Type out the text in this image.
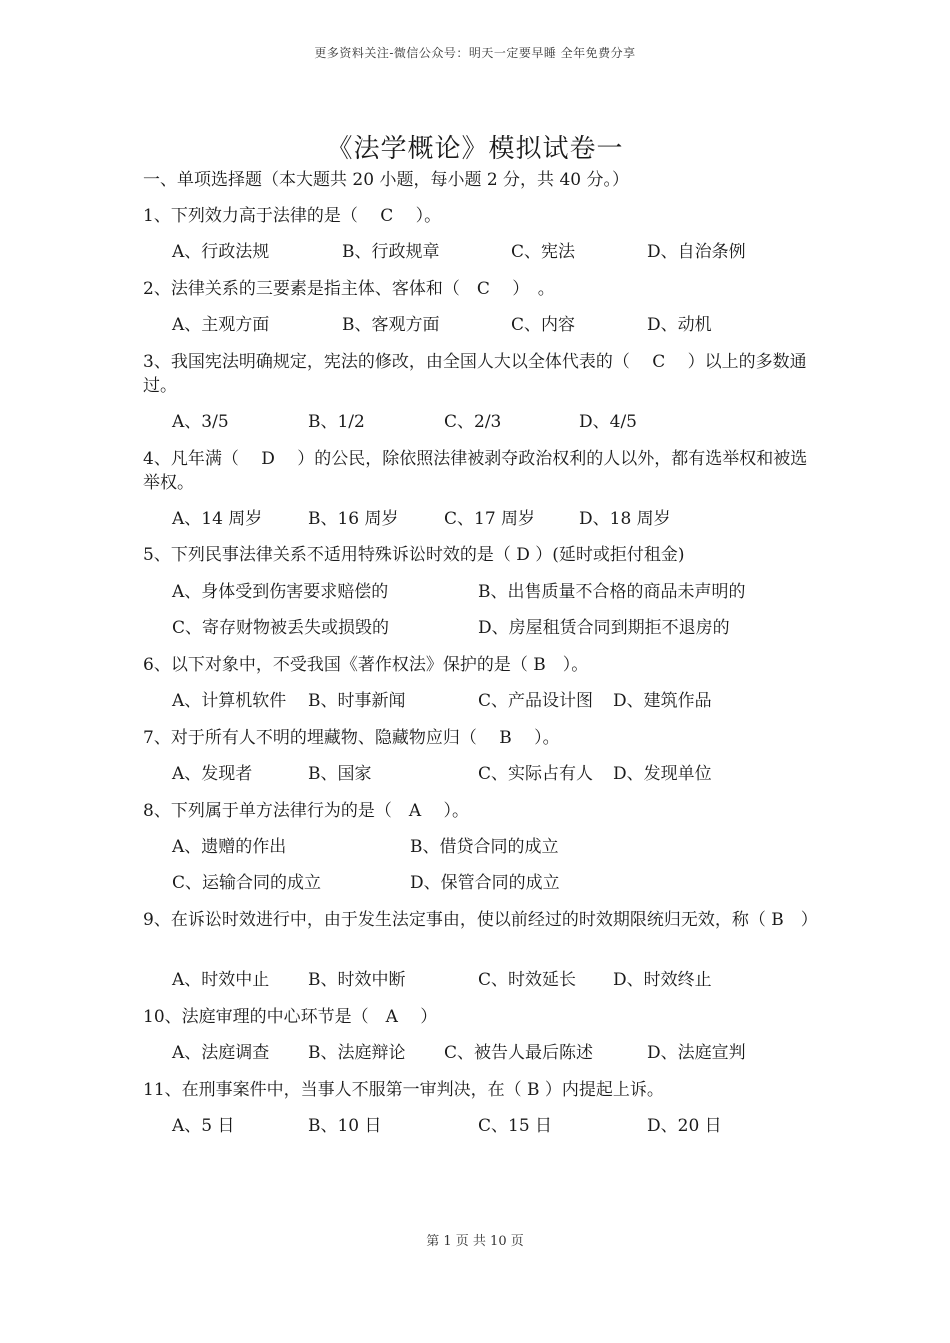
更多资料关注-微信公众号：明天一定要早睡 全年免费分享
《法学概论》模拟试卷一
一、单项选择题（本大题共 20 小题，每小题 2 分，共 40 分。）
1、下列效力高于法律的是（　 C　 ）。
A、行政法规	B、行政规章	C、宪法	D、自治条例
2、法律关系的三要素是指主体、客体和（　C　 ）　。
A、主观方面	B、客观方面	C、内容	D、动机
3、我国宪法明确规定，宪法的修改，由全国人大以全体代表的（　 C　 ）以上的多数通过。
A、3/5	B、1/2	C、2/3	D、4/5
4、凡年满（　 D　 ）的公民，除依照法律被剥夺政治权利的人以外，都有选举权和被选举权。
A、14 周岁	B、16 周岁	C、17 周岁	D、18 周岁
5、下列民事法律关系不适用特殊诉讼时效的是（ D ）(延时或拒付租金)
A、身体受到伤害要求赔偿的	B、出售质量不合格的商品未声明的
C、寄存财物被丢失或损毁的	D、房屋租赁合同到期拒不退房的
6、以下对象中，不受我国《著作权法》保护的是（ B　）。
A、计算机软件 B、时事新闻	C、产品设计图 D、建筑作品
7、对于所有人不明的埋藏物、隐藏物应归（　 B　 ）。
A、发现者	B、国家	C、实际占有人 D、发现单位
8、下列属于单方法律行为的是（　A　 ）。
A、遗赠的作出	B、借贷合同的成立
C、运输合同的成立	D、保管合同的成立
9、在诉讼时效进行中，由于发生法定事由，使以前经过的时效期限统归无效，称（ B　）
A、时效中止 B、时效中断	C、时效延长 D、时效终止
10、法庭审理的中心环节是（　A　 ）
A、法庭调查 B、法庭辩论 C、被告人最后陈述	D、法庭宣判
11、在刑事案件中，当事人不服第一审判决，在（ B ）内提起上诉。
A、5 日	B、10 日	C、15 日	D、20 日
第 1 页 共 10 页
